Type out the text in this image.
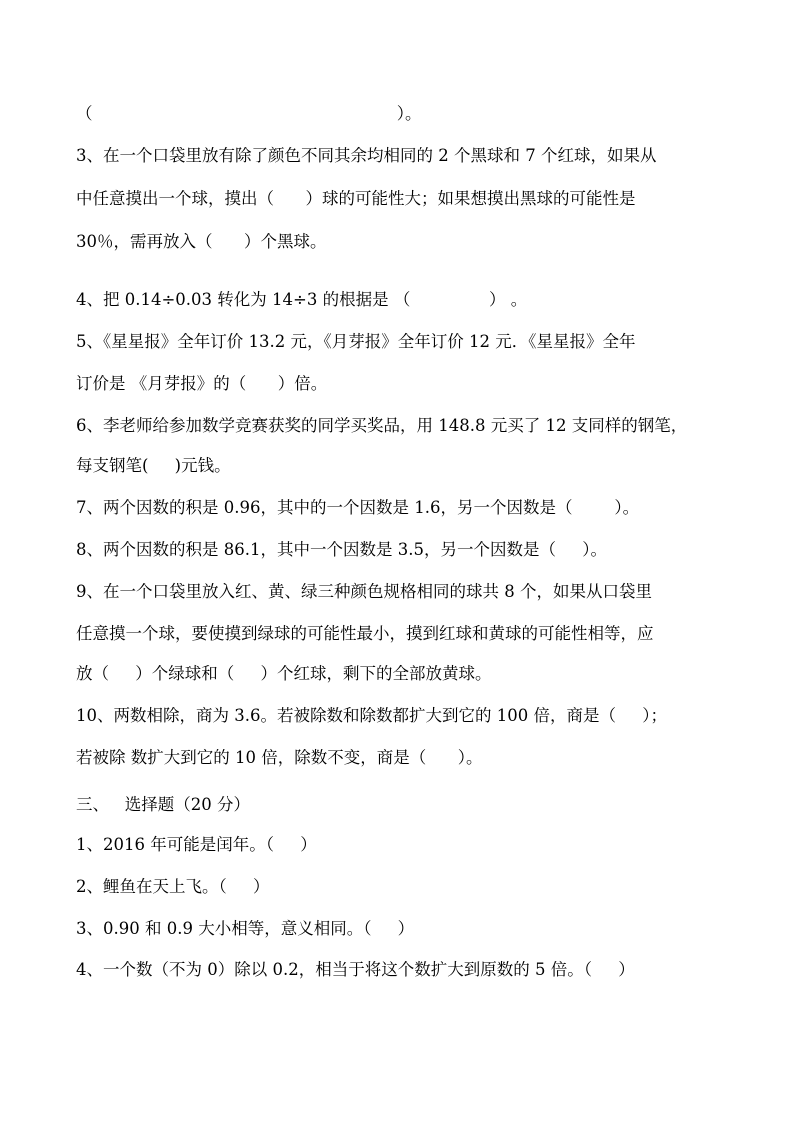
（                                                          ）。
3、在一个口袋里放有除了颜色不同其余均相同的 2 个黑球和 7 个红球，如果从
中任意摸出一个球，摸出（      ）球的可能性大；如果想摸出黑球的可能性是
30％，需再放入（      ）个黑球。
4、把 0.14÷0.03 转化为 14÷3 的根据是 （               ） 。
5、《星星报》全年订价 13.2 元，《月芽报》全年订价 12 元．《星星报》全年
订价是 《月芽报》的（      ）倍。
6、李老师给参加数学竞赛获奖的同学买奖品，用 148.8 元买了 12 支同样的钢笔，
每支钢笔(     )元钱。
7、两个因数的积是 0.96，其中的一个因数是 1.6，另一个因数是（        ）。
8、两个因数的积是 86.1，其中一个因数是 3.5，另一个因数是（     ）。
9、在一个口袋里放入红、黄、绿三种颜色规格相同的球共 8 个，如果从口袋里
任意摸一个球，要使摸到绿球的可能性最小，摸到红球和黄球的可能性相等，应
放（     ）个绿球和（     ）个红球，剩下的全部放黄球。
10、两数相除，商为 3.6。若被除数和除数都扩大到它的 100 倍，商是（     ）；
若被除 数扩大到它的 10 倍，除数不变，商是（      ）。
三、   选择题（20 分）
1、2016 年可能是闰年。（     ）
2、鲤鱼在天上飞。（     ）
3、0.90 和 0.9 大小相等，意义相同。（     ）
4、一个数（不为 0）除以 0.2，相当于将这个数扩大到原数的 5 倍。（     ）
